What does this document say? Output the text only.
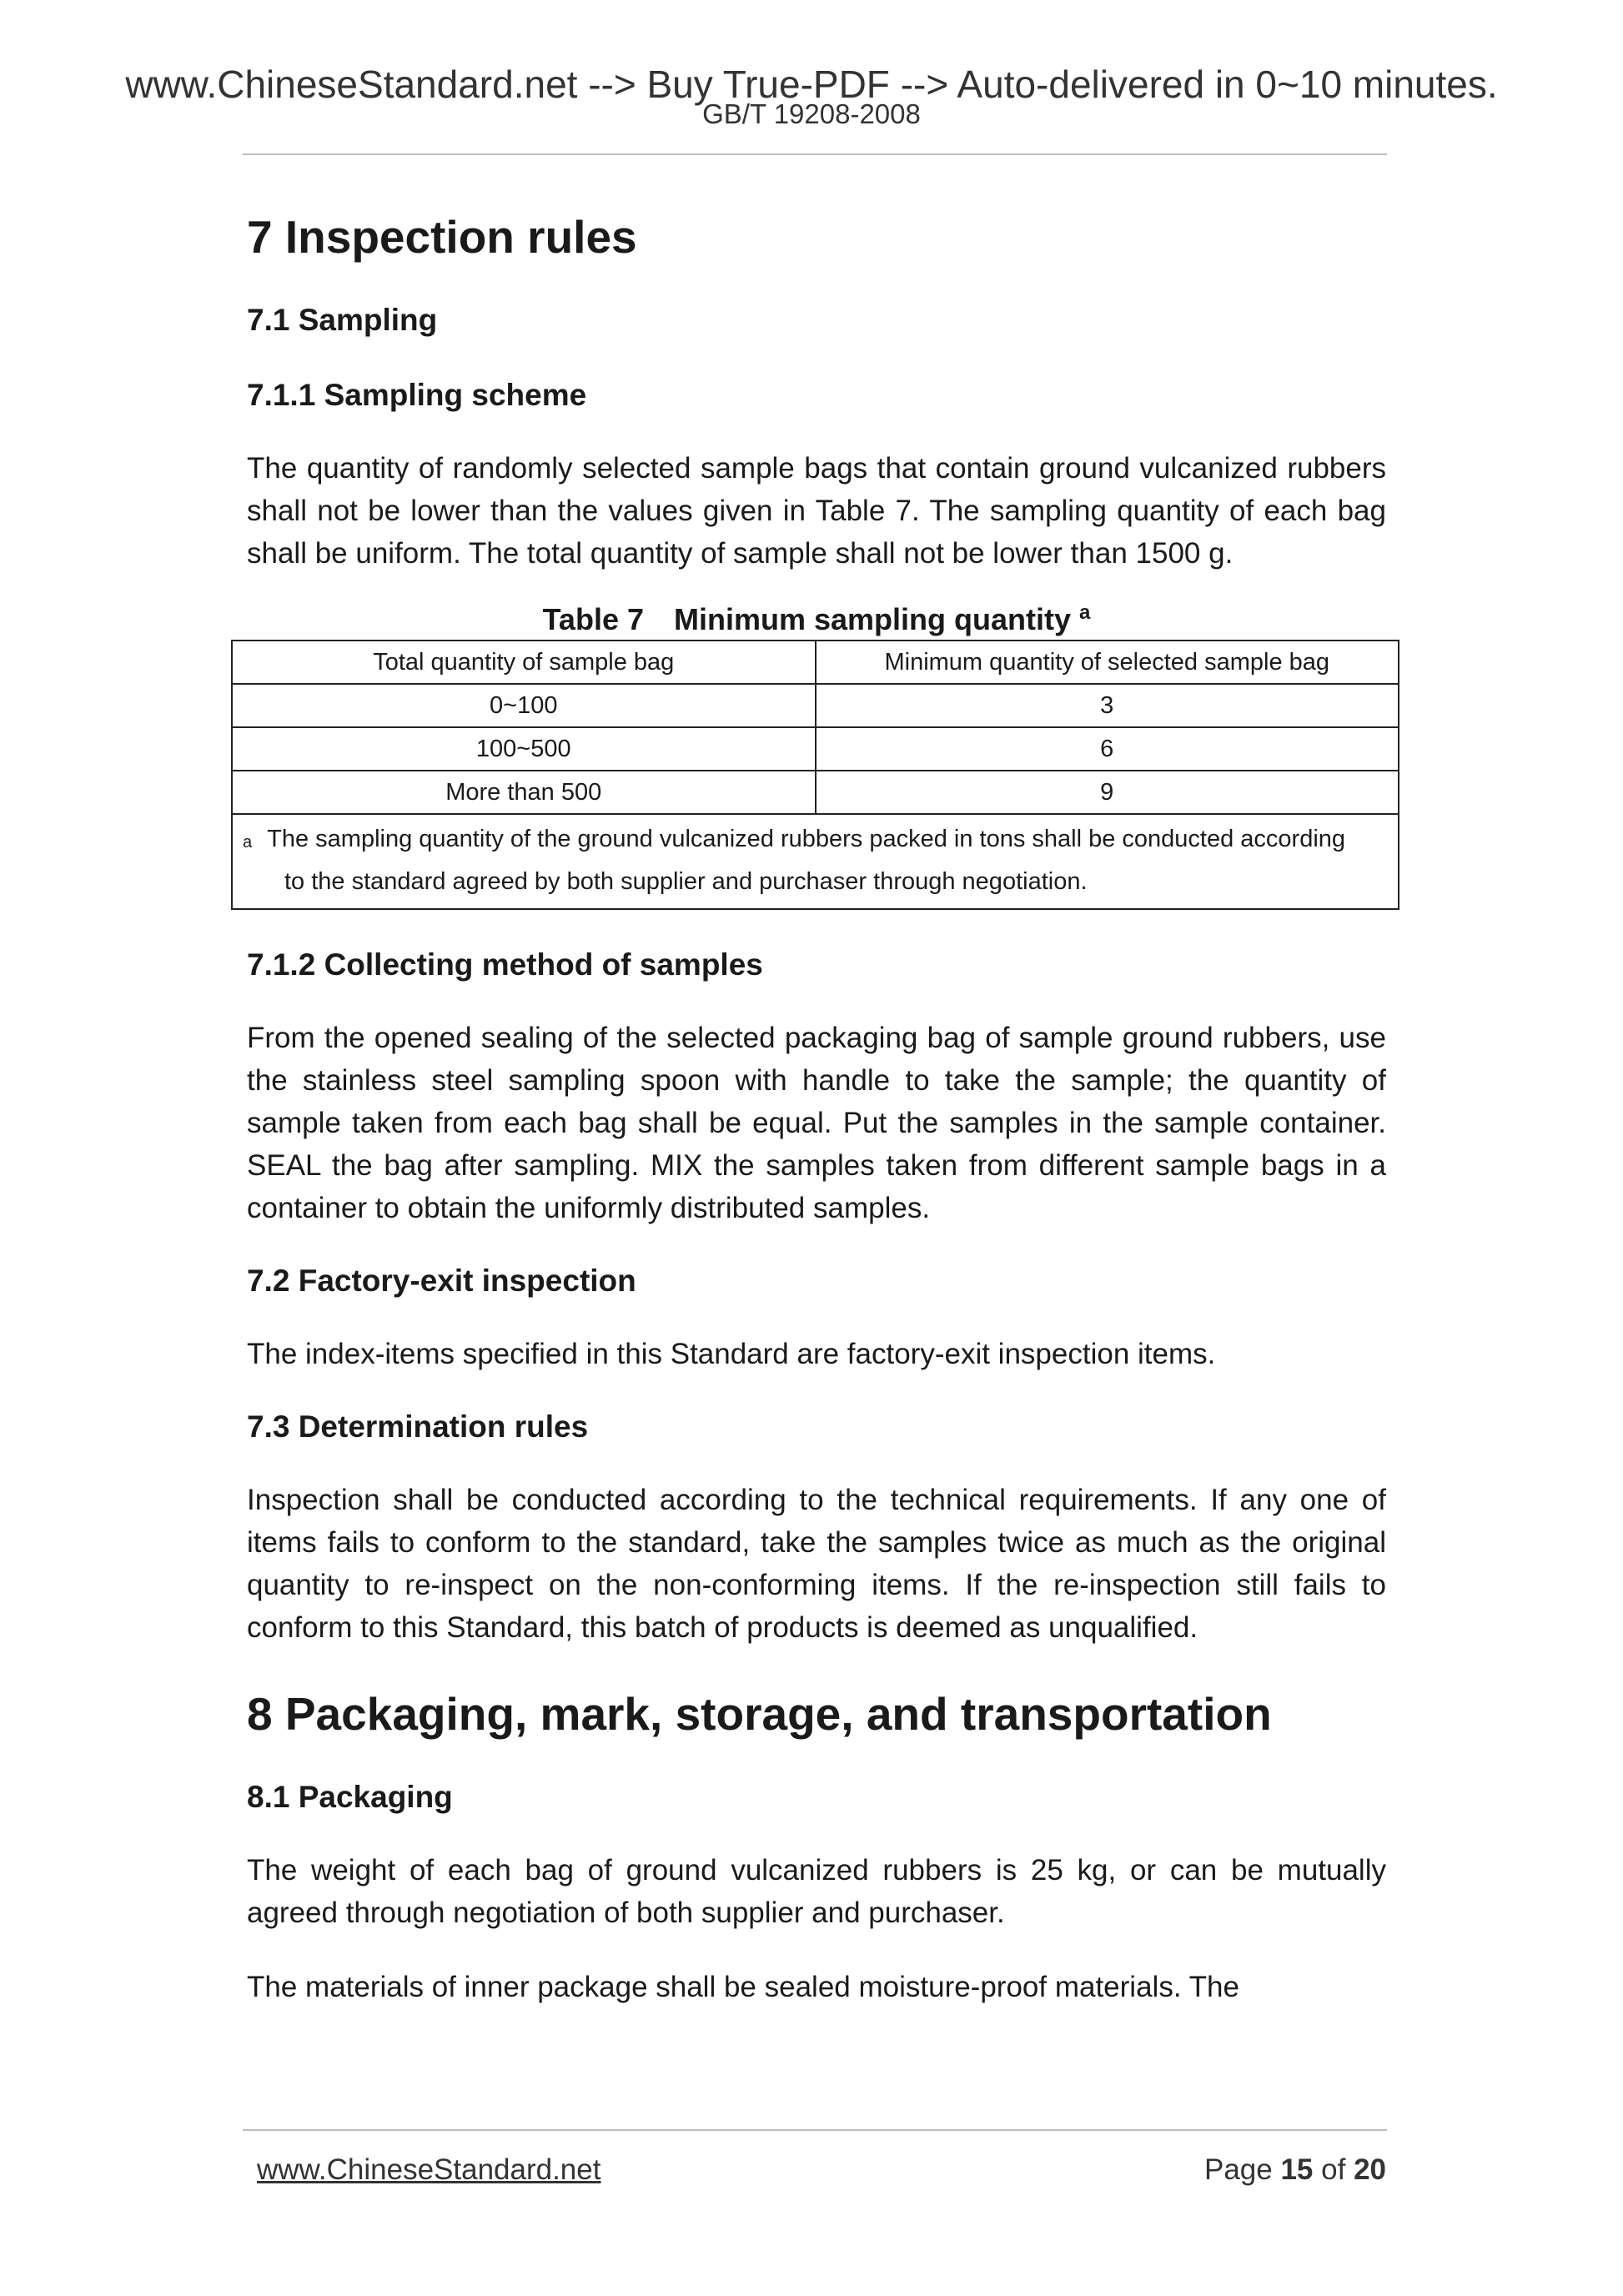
www.ChineseStandard.net --> Buy True-PDF --> Auto-delivered in 0~10 minutes.
GB/T 19208-2008
7 Inspection rules
7.1 Sampling
7.1.1 Sampling scheme

The quantity of randomly selected sample bags that contain ground vulcanized rubbers shall not be lower than the values given in Table 7. The sampling quantity of each bag shall be uniform. The total quantity of sample shall not be lower than 1500 g.

Table 7 Minimum sampling quantity $^a$
Total quantity of sample bag	Minimum quantity of selected sample bag
0~100	3
100~500	6
More than 500	9

$^a$ The sampling quantity of the ground vulcanized rubbers packed in tons shall be conducted according
to the standard agreed by both supplier and purchaser through negotiation.	
7.1.2 Collecting method of samples

From the opened sealing of the selected packaging bag of sample ground rubbers, use the stainless steel sampling spoon with handle to take the sample; the quantity of sample taken from each bag shall be equal. Put the samples in the sample container. SEAL the bag after sampling. MIX the samples taken from different sample bags in a container to obtain the uniformly distributed samples.

7.2 Factory-exit inspection

The index-items specified in this Standard are factory-exit inspection items.

7.3 Determination rules

Inspection shall be conducted according to the technical requirements. If any one of items fails to conform to the standard, take the samples twice as much as the original quantity to re-inspect on the non-conforming items. If the re-inspection still fails to conform to this Standard, this batch of products is deemed as unqualified.

8 Packaging, mark, storage, and transportation
8.1 Packaging

The weight of each bag of ground vulcanized rubbers is 25 kg, or can be mutually agreed through negotiation of both supplier and purchaser.

The materials of inner package shall be sealed moisture-proof materials. The

www.ChineseStandard.net	Page 15 of 20
